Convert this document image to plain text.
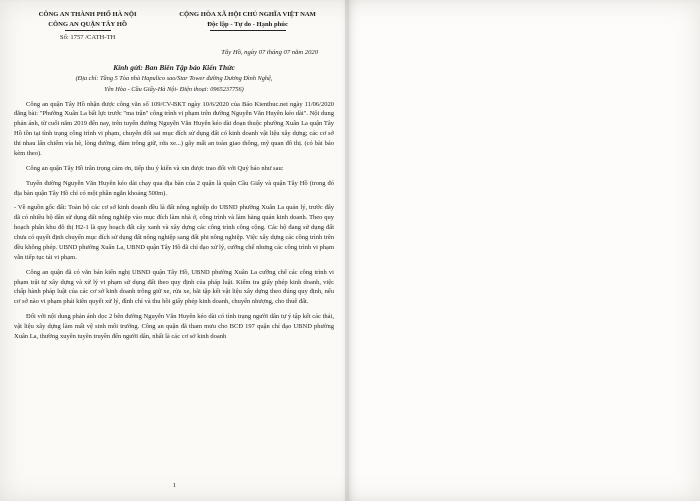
CÔNG AN THÀNH PHỐ HÀ NỘI
CÔNG AN QUẬN TÂY HỒ
Số: 1757 /CATH-TH
CỘNG HÒA XÃ HỘI CHỦ NGHĨA VIỆT NAM
Độc lập - Tự do - Hạnh phúc
Tây Hồ, ngày 07 tháng 07 năm 2020
Kính gửi: Ban Biên Tập báo Kiến Thức
(Địa chỉ: Tầng 5 Tòa nhà Hapulico sao/Star Tower đường Dương Đình Nghệ,
Yên Hòa - Cầu Giấy-Hà Nội- Điện thoại: 0965237756)
Công an quận Tây Hồ nhận được công văn số 109/CV-BKT ngày 10/6/2020 của Báo Kienthuc.net ngày 11/06/2020 đăng bài: "Phường Xuân La bất lực trước "ma trận" công trình vi phạm trên đường Nguyễn Văn Huyên kéo dài". Nội dung phản ánh, từ cuối năm 2019 đến nay, trên tuyến đường Nguyễn Văn Huyên kéo dài đoạn thuộc phường Xuân La quận Tây Hồ tồn tại tình trạng công trình vi phạm, chuyển đổi sai mục đích sử dụng đất có kinh doanh vật liệu xây dựng; các cơ sở thi nhau lấn chiếm vỉa hè, lòng đường, đảm trông giữ, rửa xe...) gây mất an toàn giao thông, mỹ quan đô thị. (có bài báo kèm theo).
Công an quận Tây Hồ trân trọng cảm ơn, tiếp thu ý kiến và xin được trao đổi với Quý báo như sau:
Tuyến đường Nguyễn Văn Huyên kéo dài chạy qua địa bàn của 2 quận là quận Cầu Giấy và quận Tây Hồ (trong đó địa bàn quận Tây Hồ chỉ có một phần ngắn khoảng 500m).
- Về nguồn gốc đất: Toàn bộ các cơ sở kinh doanh đều là đất nông nghiệp do UBND phường Xuân La quản lý, trước đây đã có nhiều hộ dân sử dụng đất nông nghiệp vào mục đích làm nhà ở, công trình và làm hàng quán kinh doanh. Theo quy hoạch phân khu đô thị H2-1 là quy hoạch đất cây xanh và xây dựng các công trình công cộng. Các hộ đang sử dụng đất chưa có quyết định chuyển mục đích sử dụng đất nông nghiệp sang đất phi nông nghiệp. Việc xây dựng các công trình trên đều không phép. UBND phường Xuân La, UBND quận Tây Hồ đã chỉ đạo xử lý, cưỡng chế nhưng các công trình vi phạm vẫn tiếp tục tái vi phạm.
Công an quận đã có văn bản kiến nghị UBND quận Tây Hồ, UBND phường Xuân La cưỡng chế các công trình vi phạm trật tự xây dựng và xử lý vi phạm sử dụng đất theo quy định của pháp luật. Kiểm tra giấy phép kinh doanh, việc chấp hành pháp luật của các cơ sở kinh doanh trông giữ xe, rửa xe, bãi tập kết vật liệu xây dựng theo đúng quy định, nếu cơ sở nào vi phạm phải kiên quyết xử lý, đình chỉ và thu hồi giấy phép kinh doanh, chuyển nhượng, cho thuê đất.
Đối với nội dung phản ánh dọc 2 bên đường Nguyễn Văn Huyên kéo dài có tình trạng người dân tự ý tập kết các thải, vật liệu xây dựng làm mất vệ sinh môi trường. Công an quận đã tham mưu cho BCĐ 197 quận chỉ đạo UBND phường Xuân La, thường xuyên tuyên truyền đến người dân, nhất là các cơ sở kinh doanh
1
